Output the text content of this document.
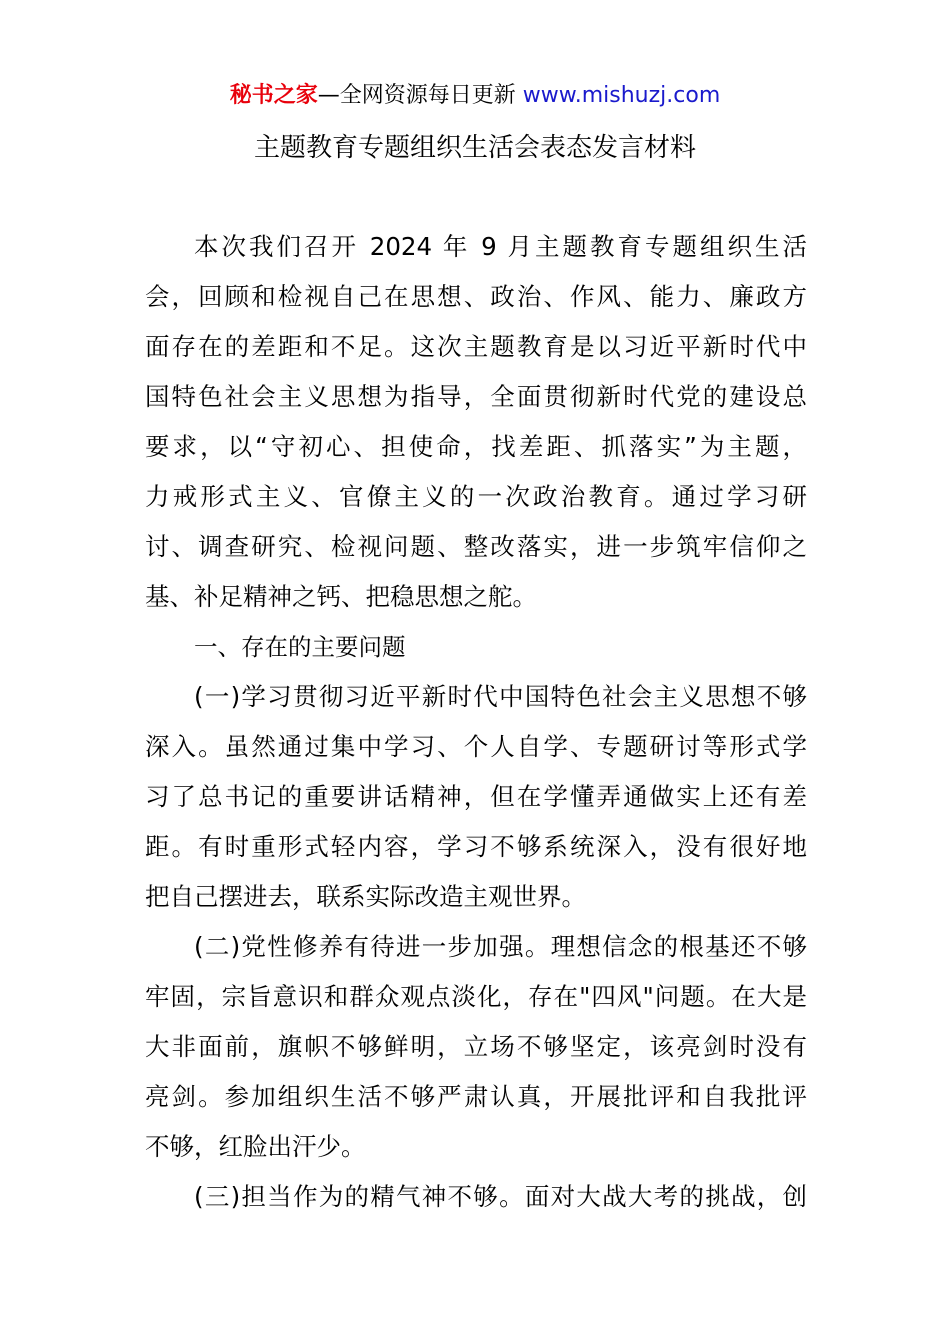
秘书之家—全网资源每日更新 www.mishuzj.com
主题教育专题组织生活会表态发言材料
本次我们召开 2024 年 9 月主题教育专题组织生活
会，回顾和检视自己在思想、政治、作风、能力、廉政方
面存在的差距和不足。这次主题教育是以习近平新时代中
国特色社会主义思想为指导，全面贯彻新时代党的建设总
要求，以“守初心、担使命，找差距、抓落实”为主题，
力戒形式主义、官僚主义的一次政治教育。通过学习研
讨、调查研究、检视问题、整改落实，进一步筑牢信仰之
基、补足精神之钙、把稳思想之舵。
一、存在的主要问题
(一)学习贯彻习近平新时代中国特色社会主义思想不够
深入。虽然通过集中学习、个人自学、专题研讨等形式学
习了总书记的重要讲话精神，但在学懂弄通做实上还有差
距。有时重形式轻内容，学习不够系统深入，没有很好地
把自己摆进去，联系实际改造主观世界。
(二)党性修养有待进一步加强。理想信念的根基还不够
牢固，宗旨意识和群众观点淡化，存在"四风"问题。在大是
大非面前，旗帜不够鲜明，立场不够坚定，该亮剑时没有
亮剑。参加组织生活不够严肃认真，开展批评和自我批评
不够，红脸出汗少。
(三)担当作为的精气神不够。面对大战大考的挑战，创
